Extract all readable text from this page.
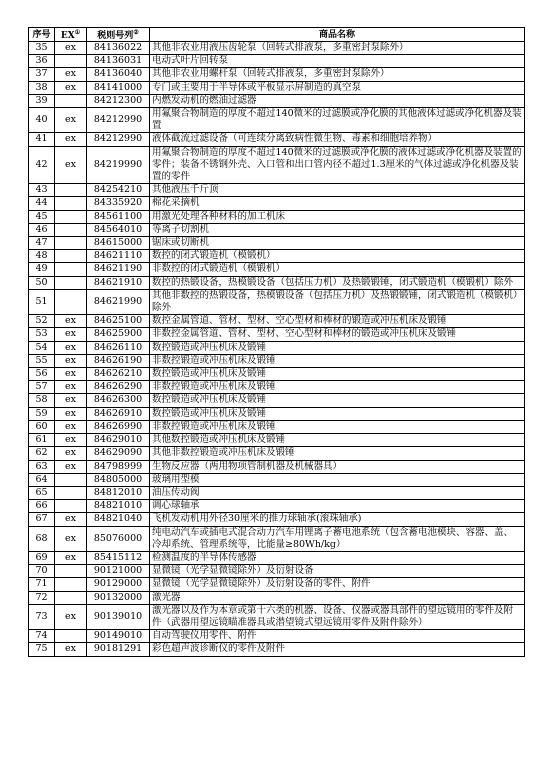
序号	EX①	税则号列②	商品名称
35	ex	84136022	其他非农业用液压齿轮泵（回转式排液泵，多重密封泵除外）
36		84136031	电动式叶片回转泵
37	ex	84136040	其他非农业用螺杆泵（回转式排液泵，多重密封泵除外）
38	ex	84141000	专门或主要用于半导体或平板显示屏制造的真空泵
39		84212300	内燃发动机的燃油过滤器
40	ex	84212990	用氟聚合物制造的厚度不超过140微米的过滤膜或净化膜的其他液体过滤或净化机器及装置
41	ex	84212990	液体截流过滤设备（可连续分离致病性微生物、毒素和细胞培养物）
42	ex	84219990	用氟聚合物制造的厚度不超过140微米的过滤膜或净化膜的液体过滤或净化机器及装置的零件；装备不锈钢外壳、入口管和出口管内径不超过1.3厘米的气体过滤或净化机器及装置的零件
43		84254210	其他液压千斤顶
44		84335920	棉花采摘机
45		84561100	用激光处理各种材料的加工机床
46		84564010	等离子切割机
47		84615000	锯床或切断机
48		84621110	数控的闭式锻造机（模锻机）
49		84621190	非数控的闭式锻造机（模锻机）
50		84621910	数控的热锻设备，热模锻设备（包括压力机）及热锻锻锤，闭式锻造机（模锻机）除外
51		84621990	其他非数控的热锻设备，热模锻设备（包括压力机）及热锻锻锤，闭式锻造机（模锻机）除外
52	ex	84625100	数控金属管道、管材、型材、空心型材和棒材的锻造或冲压机床及锻锤
53	ex	84625900	非数控金属管道、管材、型材、空心型材和棒材的锻造或冲压机床及锻锤
54	ex	84626110	数控锻造或冲压机床及锻锤
55	ex	84626190	非数控锻造或冲压机床及锻锤
56	ex	84626210	数控锻造或冲压机床及锻锤
57	ex	84626290	非数控锻造或冲压机床及锻锤
58	ex	84626300	数控锻造或冲压机床及锻锤
59	ex	84626910	数控锻造或冲压机床及锻锤
60	ex	84626990	非数控锻造或冲压机床及锻锤
61	ex	84629010	其他数控锻造或冲压机床及锻锤
62	ex	84629090	其他非数控锻造或冲压机床及锻锤
63	ex	84798999	生物反应器（两用物项管制机器及机械器具）
64		84805000	玻璃用型模
65		84812010	油压传动阀
66		84821010	调心球轴承
67	ex	84821040	飞机发动机用外径30厘米的推力球轴承(滚珠轴承)
68	ex	85076000	纯电动汽车或插电式混合动力汽车用锂离子蓄电池系统（包含蓄电池模块、容器、盖、冷却系统、管理系统等，比能量≥80Wh/kg）
69	ex	85415112	检测温度的半导体传感器
70		90121000	显微镜（光学显微镜除外）及衍射设备
71		90129000	显微镜（光学显微镜除外）及衍射设备的零件、附件
72		90132000	激光器
73	ex	90139010	激光器以及作为本章或第十六类的机器、设备、仪器或器具部件的望远镜用的零件及附件（武器用望远镜瞄准器具或潜望镜式望远镜用零件及附件除外）
74		90149010	自动驾驶仪用零件、附件
75	ex	90181291	彩色超声波诊断仪的零件及附件
